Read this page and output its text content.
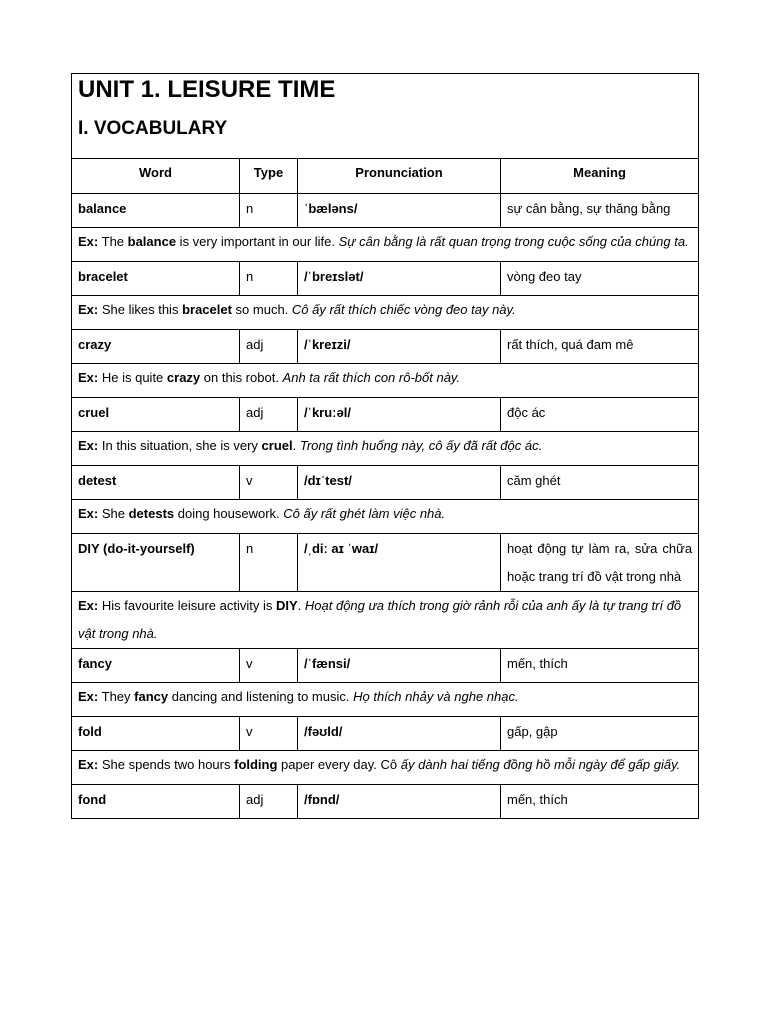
UNIT 1. LEISURE TIME
I. VOCABULARY			

Word	Type	Pronunciation	Meaning
balance	n	ˈbæləns/	sự cân bằng, sự thăng bằng
Ex: The balance is very important in our life. Sự cân bằng là rất quan trọng trong cuộc sống của chúng ta.			
bracelet	n	/ˈbreɪslət/	vòng đeo tay
Ex: She likes this bracelet so much. Cô ấy rất thích chiếc vòng đeo tay này.			
crazy	adj	/ˈkreɪzi/	rất thích, quá đam mê
Ex: He is quite crazy on this robot. Anh ta rất thích con rô-bốt này.			
cruel	adj	/ˈkruːəl/	độc ác
Ex: In this situation, she is very cruel. Trong tình huống này, cô ấy đã rất độc ác.			
detest	v	/dɪˈtest/	căm ghét
Ex: She detests doing housework. Cô ấy rất ghét làm việc nhà.			
DIY (do-it-yourself)	n	/ˌdiː aɪ ˈwaɪ/	hoạt động tự làm ra, sửa chữa hoặc trang trí đồ vật trong nhà
Ex: His favourite leisure activity is DIY. Hoạt động ưa thích trong giờ rảnh rỗi của anh ấy là tự trang trí đồ vật trong nhà.			
fancy	v	/ˈfænsi/	mến, thích
Ex: They fancy dancing and listening to music. Họ thích nhảy và nghe nhạc.			
fold	v	/fəʊld/	gấp, gập
Ex: She spends two hours folding paper every day. Cô ấy dành hai tiếng đồng hồ mỗi ngày để gấp giấy.			
fond	adj	/fɒnd/	mến, thích
